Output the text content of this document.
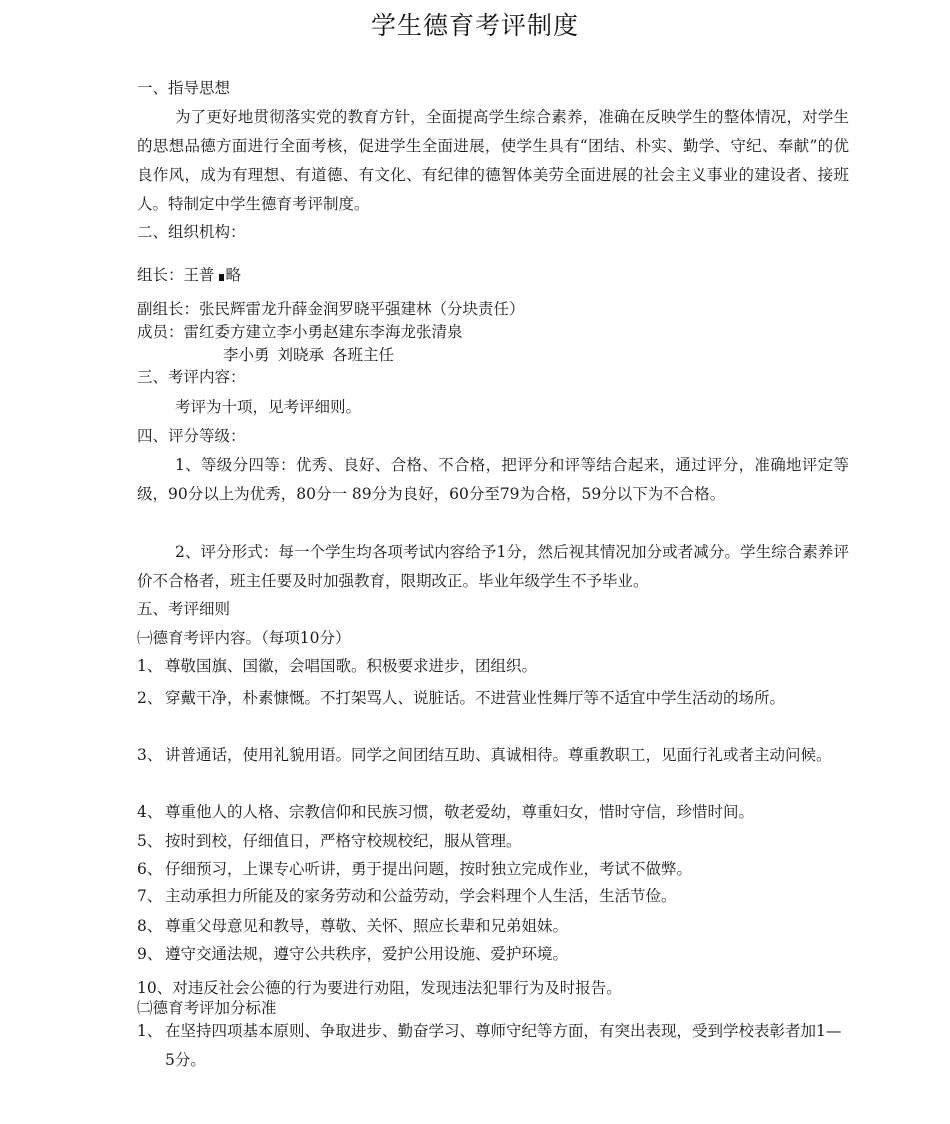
学生德育考评制度
一、指导思想
为了更好地贯彻落实党的教育方针，全面提高学生综合素养，准确在反映学生的整体情况，对学生的思想品德方面进行全面考核，促进学生全面进展，使学生具有“团结、朴实、勤学、守纪、奉献”的优良作风，成为有理想、有道德、有文化、有纪律的德智体美劳全面进展的社会主义事业的建设者、接班人。特制定中学生德育考评制度。
二、组织机构：
组长：王普 略
副组长：张民辉雷龙升薛金润罗晓平强建林（分块责任）
成员：雷红委方建立李小勇赵建东李海龙张清泉
李小勇 刘晓承 各班主任
三、考评内容：
考评为十项，见考评细则。
四、评分等级：
1、等级分四等：优秀、良好、合格、不合格，把评分和评等结合起来，通过评分，准确地评定等级，90分以上为优秀，80分一 89分为良好，60分至79为合格，59分以下为不合格。
2、评分形式：每一个学生均各项考试内容给予1分，然后视其情况加分或者减分。学生综合素养评价不合格者，班主任要及时加强教育，限期改正。毕业年级学生不予毕业。
五、考评细则
㈠德育考评内容。（每项10分）
1、 尊敬国旗、国徽，会唱国歌。积极要求进步，团组织。
2、 穿戴干净，朴素慷慨。不打架骂人、说脏话。不进营业性舞厅等不适宜中学生活动的场所。
3、 讲普通话，使用礼貌用语。同学之间团结互助、真诚相待。尊重教职工，见面行礼或者主动问候。
4、 尊重他人的人格、宗教信仰和民族习惯，敬老爱幼，尊重妇女，惜时守信，珍惜时间。
5、 按时到校，仔细值日，严格守校规校纪，服从管理。
6、 仔细预习，上课专心听讲，勇于提出问题，按时独立完成作业，考试不做弊。
7、 主动承担力所能及的家务劳动和公益劳动，学会料理个人生活，生活节俭。
8、 尊重父母意见和教导，尊敬、关怀、照应长辈和兄弟姐妹。
9、 遵守交通法规，遵守公共秩序，爱护公用设施、爱护环境。
10、对违反社会公德的行为要进行劝阻，发现违法犯罪行为及时报告。
㈡德育考评加分标准
1、 在坚持四项基本原则、争取进步、勤奋学习、尊师守纪等方面，有突出表现，受到学校表彰者加1—5分。
